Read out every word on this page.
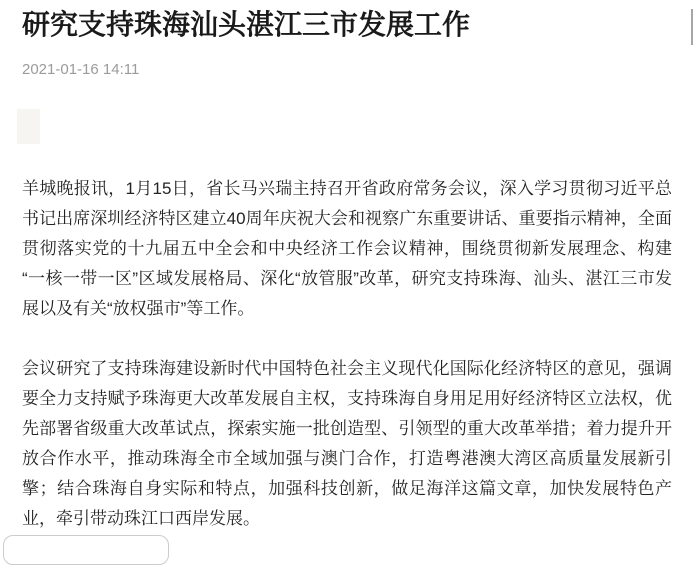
研究支持珠海汕头湛江三市发展工作
2021-01-16 14:11

羊城晚报讯，1月15日，省长马兴瑞主持召开省政府常务会议，深入学习贯彻习近平总书记出席深圳经济特区建立40周年庆祝大会和视察广东重要讲话、重要指示精神，全面贯彻落实党的十九届五中全会和中央经济工作会议精神，围绕贯彻新发展理念、构建“一核一带一区”区域发展格局、深化“放管服”改革，研究支持珠海、汕头、湛江三市发展以及有关“放权强市”等工作。

会议研究了支持珠海建设新时代中国特色社会主义现代化国际化经济特区的意见，强调要全力支持赋予珠海更大改革发展自主权，支持珠海自身用足用好经济特区立法权，优先部署省级重大改革试点，探索实施一批创造型、引领型的重大改革举措；着力提升开放合作水平，推动珠海全市全域加强与澳门合作，打造粤港澳大湾区高质量发展新引擎；结合珠海自身实际和特点，加强科技创新，做足海洋这篇文章，加快发展特色产业，牵引带动珠江口西岸发展。
